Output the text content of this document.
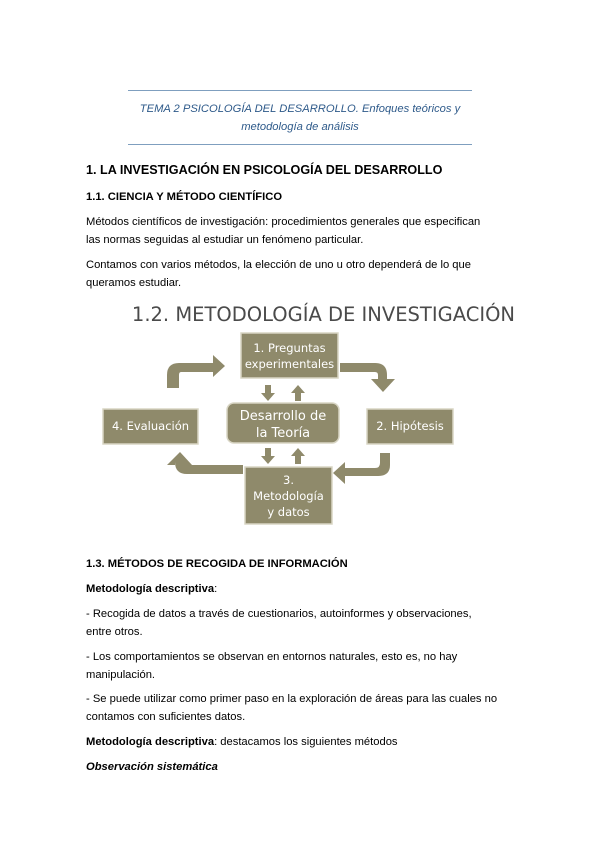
TEMA 2 PSICOLOGÍA DEL DESARROLLO. Enfoques teóricos y
metodología de análisis
1. LA INVESTIGACIÓN EN PSICOLOGÍA DEL DESARROLLO
1.1. CIENCIA Y MÉTODO CIENTÍFICO
Métodos científicos de investigación: procedimientos generales que especifican
las normas seguidas al estudiar un fenómeno particular.
Contamos con varios métodos, la elección de uno u otro dependerá de lo que
queramos estudiar.
1.2. METODOLOGÍA DE INVESTIGACIÓN
1. Preguntas
experimentales
4. Evaluación
Desarrollo de
la Teoría	2. Hipótesis
3.
Metodología
y datos
1.3. MÉTODOS DE RECOGIDA DE INFORMACIÓN
Metodología descriptiva:
- Recogida de datos a través de cuestionarios, autoinformes y observaciones,
entre otros.
- Los comportamientos se observan en entornos naturales, esto es, no hay
manipulación.
- Se puede utilizar como primer paso en la exploración de áreas para las cuales no
contamos con suficientes datos.
Metodología descriptiva: destacamos los siguientes métodos
Observación sistemática
